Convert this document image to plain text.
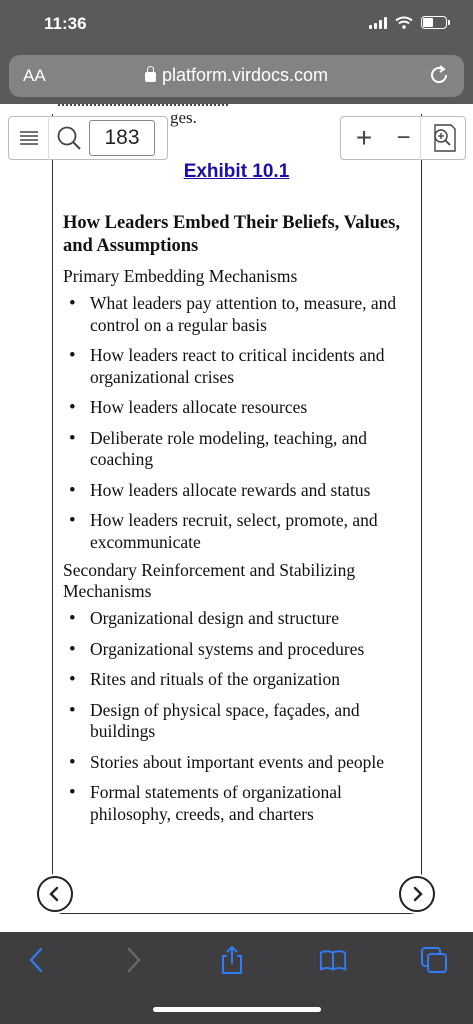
11:36
AA	platform.virdocs.com
ges.
183
+	−
Exhibit 10.1
How Leaders Embed Their Beliefs, Values, and Assumptions
Primary Embedding Mechanisms
• What leaders pay attention to, measure, and control on a regular basis
• How leaders react to critical incidents and organizational crises
• How leaders allocate resources
• Deliberate role modeling, teaching, and coaching
• How leaders allocate rewards and status
• How leaders recruit, select, promote, and excommunicate
Secondary Reinforcement and Stabilizing Mechanisms
• Organizational design and structure
• Organizational systems and procedures
• Rites and rituals of the organization
• Design of physical space, façades, and buildings
• Stories about important events and people
• Formal statements of organizational philosophy, creeds, and charters
